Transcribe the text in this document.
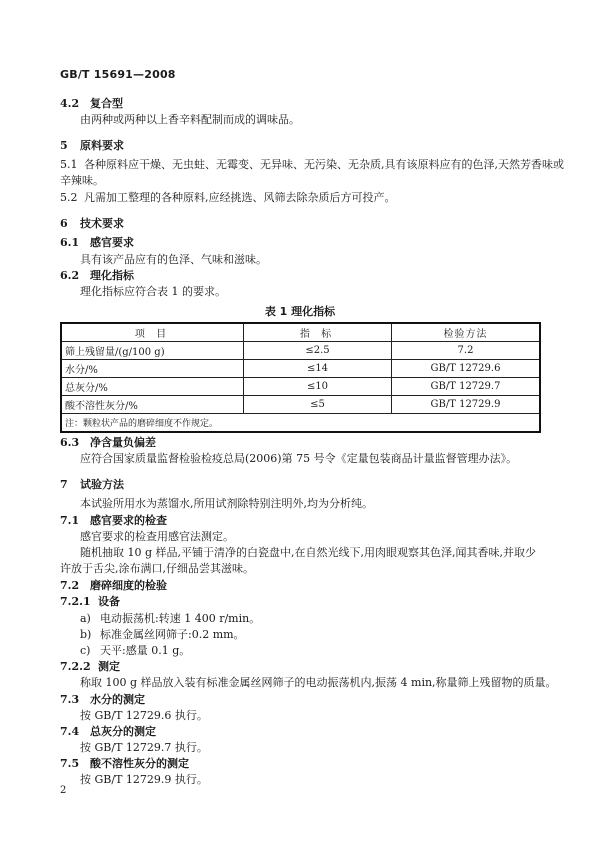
GB/T 15691—2008
4.2 复合型
由两种或两种以上香辛料配制而成的调味品。
5 原料要求
5.1 各种原料应干燥、无虫蛀、无霉变、无异味、无污染、无杂质,具有该原料应有的色泽,天然芳香味或
辛辣味。
5.2 凡需加工整理的各种原料,应经挑选、风筛去除杂质后方可投产。
6 技术要求
6.1 感官要求
具有该产品应有的色泽、气味和滋味。
6.2 理化指标
理化指标应符合表 1 的要求。
表 1 理化指标
项 目	指 标	检验方法
筛上残留量/(g/100 g)	≤2.5	7.2
水分/%	≤14	GB/T 12729.6
总灰分/%	≤10	GB/T 12729.7
酸不溶性灰分/%	≤5	GB/T 12729.9
注：颗粒状产品的磨碎细度不作规定。		
6.3 净含量负偏差
应符合国家质量监督检验检疫总局(2006)第 75 号令《定量包装商品计量监督管理办法》。
7 试验方法
本试验所用水为蒸馏水,所用试剂除特别注明外,均为分析纯。
7.1 感官要求的检查
感官要求的检查用感官法测定。
随机抽取 10 g 样品,平铺于清净的白瓷盘中,在自然光线下,用肉眼观察其色泽,闻其香味,并取少
许放于舌尖,涂布满口,仔细品尝其滋味。
7.2 磨碎细度的检验
7.2.1 设备
a) 电动振荡机:转速 1 400 r/min。
b) 标准金属丝网筛子:0.2 mm。
c) 天平:感量 0.1 g。
7.2.2 测定
称取 100 g 样品放入装有标准金属丝网筛子的电动振荡机内,振荡 4 min,称量筛上残留物的质量。
7.3 水分的测定
按 GB/T 12729.6 执行。
7.4 总灰分的测定
按 GB/T 12729.7 执行。
7.5 酸不溶性灰分的测定
按 GB/T 12729.9 执行。
2
